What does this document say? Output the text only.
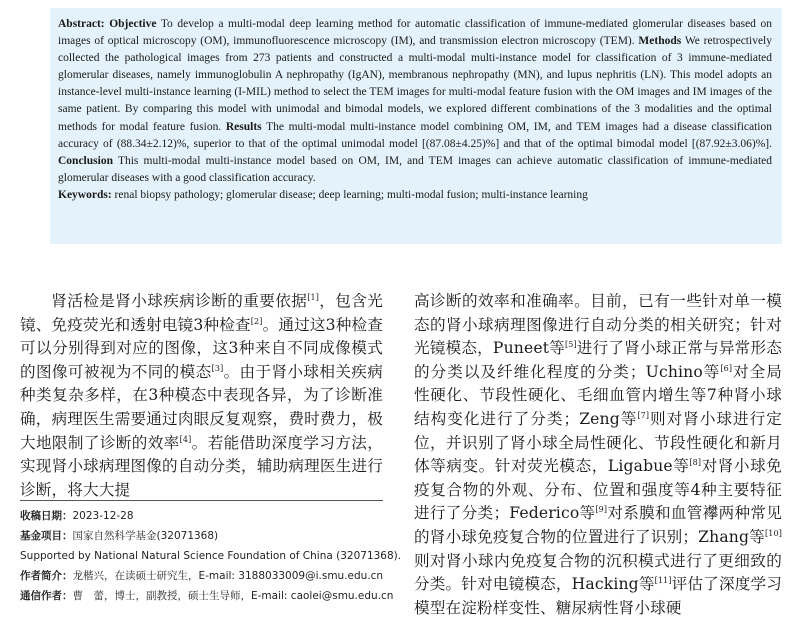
Abstract: Objective To develop a multi-modal deep learning method for automatic classification of immune-mediated glomerular diseases based on images of optical microscopy (OM), immunofluorescence microscopy (IM), and transmission electron microscopy (TEM). Methods We retrospectively collected the pathological images from 273 patients and constructed a multi-modal multi-instance model for classification of 3 immune-mediated glomerular diseases, namely immunoglobulin A nephropathy (IgAN), membranous nephropathy (MN), and lupus nephritis (LN). This model adopts an instance-level multi-instance learning (I-MIL) method to select the TEM images for multi-modal feature fusion with the OM images and IM images of the same patient. By comparing this model with unimodal and bimodal models, we explored different combinations of the 3 modalities and the optimal methods for modal feature fusion. Results The multi-modal multi-instance model combining OM, IM, and TEM images had a disease classification accuracy of (88.34±2.12)%, superior to that of the optimal unimodal model [(87.08±4.25)%] and that of the optimal bimodal model [(87.92±3.06)%]. Conclusion This multi-modal multi-instance model based on OM, IM, and TEM images can achieve automatic classification of immune-mediated glomerular diseases with a good classification accuracy.

Keywords: renal biopsy pathology; glomerular disease; deep learning; multi-modal fusion; multi-instance learning

肾活检是肾小球疾病诊断的重要依据[1]，包含光镜、免疫荧光和透射电镜3种检查[2]。通过这3种检查可以分别得到对应的图像，这3种来自不同成像模式的图像可被视为不同的模态[3]。由于肾小球相关疾病种类复杂多样，在3种模态中表现各异，为了诊断准确，病理医生需要通过肉眼反复观察，费时费力，极大地限制了诊断的效率[4]。若能借助深度学习方法，实现肾小球病理图像的自动分类，辅助病理医生进行诊断，将大大提

收稿日期：2023-12-28
基金项目：国家自然科学基金(32071368)
Supported by National Natural Science Foundation of China (32071368).
作者简介：龙楷兴，在读硕士研究生，E-mail: 3188033009@i.smu.edu.cn
通信作者：曹　蕾，博士，副教授，硕士生导师，E-mail: caolei@smu.edu.cn

高诊断的效率和准确率。目前，已有一些针对单一模态的肾小球病理图像进行自动分类的相关研究；针对光镜模态，Puneet等[5]进行了肾小球正常与异常形态的分类以及纤维化程度的分类；Uchino等[6]对全局性硬化、节段性硬化、毛细血管内增生等7种肾小球结构变化进行了分类；Zeng等[7]则对肾小球进行定位，并识别了肾小球全局性硬化、节段性硬化和新月体等病变。针对荧光模态，Ligabue等[8]对肾小球免疫复合物的外观、分布、位置和强度等4种主要特征进行了分类；Federico等[9]对系膜和血管襻两种常见的肾小球免疫复合物的位置进行了识别；Zhang等[10]则对肾小球内免疫复合物的沉积模式进行了更细致的分类。针对电镜模态，Hacking等[11]评估了深度学习模型在淀粉样变性、糖尿病性肾小球硬
